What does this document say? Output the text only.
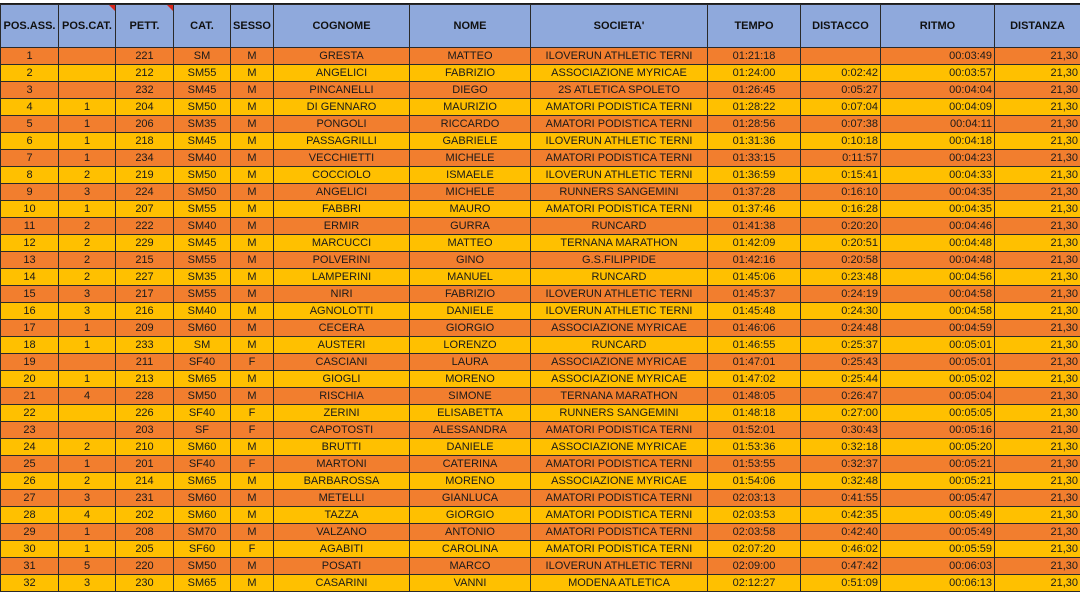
POS.ASS.	POS.CAT.	PETT.	CAT.	SESSO	COGNOME	NOME	SOCIETA'	TEMPO	DISTACCO	RITMO	DISTANZA
1		221	SM	M	GRESTA	MATTEO	ILOVERUN ATHLETIC TERNI	01:21:18		00:03:49	21,30
2		212	SM55	M	ANGELICI	FABRIZIO	ASSOCIAZIONE MYRICAE	01:24:00	0:02:42	00:03:57	21,30
3		232	SM45	M	PINCANELLI	DIEGO	2S ATLETICA SPOLETO	01:26:45	0:05:27	00:04:04	21,30
4	1	204	SM50	M	DI GENNARO	MAURIZIO	AMATORI PODISTICA TERNI	01:28:22	0:07:04	00:04:09	21,30
5	1	206	SM35	M	PONGOLI	RICCARDO	AMATORI PODISTICA TERNI	01:28:56	0:07:38	00:04:11	21,30
6	1	218	SM45	M	PASSAGRILLI	GABRIELE	ILOVERUN ATHLETIC TERNI	01:31:36	0:10:18	00:04:18	21,30
7	1	234	SM40	M	VECCHIETTI	MICHELE	AMATORI PODISTICA TERNI	01:33:15	0:11:57	00:04:23	21,30
8	2	219	SM50	M	COCCIOLO	ISMAELE	ILOVERUN ATHLETIC TERNI	01:36:59	0:15:41	00:04:33	21,30
9	3	224	SM50	M	ANGELICI	MICHELE	RUNNERS SANGEMINI	01:37:28	0:16:10	00:04:35	21,30
10	1	207	SM55	M	FABBRI	MAURO	AMATORI PODISTICA TERNI	01:37:46	0:16:28	00:04:35	21,30
11	2	222	SM40	M	ERMIR	GURRA	RUNCARD	01:41:38	0:20:20	00:04:46	21,30
12	2	229	SM45	M	MARCUCCI	MATTEO	TERNANA MARATHON	01:42:09	0:20:51	00:04:48	21,30
13	2	215	SM55	M	POLVERINI	GINO	G.S.FILIPPIDE	01:42:16	0:20:58	00:04:48	21,30
14	2	227	SM35	M	LAMPERINI	MANUEL	RUNCARD	01:45:06	0:23:48	00:04:56	21,30
15	3	217	SM55	M	NIRI	FABRIZIO	ILOVERUN ATHLETIC TERNI	01:45:37	0:24:19	00:04:58	21,30
16	3	216	SM40	M	AGNOLOTTI	DANIELE	ILOVERUN ATHLETIC TERNI	01:45:48	0:24:30	00:04:58	21,30
17	1	209	SM60	M	CECERA	GIORGIO	ASSOCIAZIONE MYRICAE	01:46:06	0:24:48	00:04:59	21,30
18	1	233	SM	M	AUSTERI	LORENZO	RUNCARD	01:46:55	0:25:37	00:05:01	21,30
19		211	SF40	F	CASCIANI	LAURA	ASSOCIAZIONE MYRICAE	01:47:01	0:25:43	00:05:01	21,30
20	1	213	SM65	M	GIOGLI	MORENO	ASSOCIAZIONE MYRICAE	01:47:02	0:25:44	00:05:02	21,30
21	4	228	SM50	M	RISCHIA	SIMONE	TERNANA MARATHON	01:48:05	0:26:47	00:05:04	21,30
22		226	SF40	F	ZERINI	ELISABETTA	RUNNERS SANGEMINI	01:48:18	0:27:00	00:05:05	21,30
23		203	SF	F	CAPOTOSTI	ALESSANDRA	AMATORI PODISTICA TERNI	01:52:01	0:30:43	00:05:16	21,30
24	2	210	SM60	M	BRUTTI	DANIELE	ASSOCIAZIONE MYRICAE	01:53:36	0:32:18	00:05:20	21,30
25	1	201	SF40	F	MARTONI	CATERINA	AMATORI PODISTICA TERNI	01:53:55	0:32:37	00:05:21	21,30
26	2	214	SM65	M	BARBAROSSA	MORENO	ASSOCIAZIONE MYRICAE	01:54:06	0:32:48	00:05:21	21,30
27	3	231	SM60	M	METELLI	GIANLUCA	AMATORI PODISTICA TERNI	02:03:13	0:41:55	00:05:47	21,30
28	4	202	SM60	M	TAZZA	GIORGIO	AMATORI PODISTICA TERNI	02:03:53	0:42:35	00:05:49	21,30
29	1	208	SM70	M	VALZANO	ANTONIO	AMATORI PODISTICA TERNI	02:03:58	0:42:40	00:05:49	21,30
30	1	205	SF60	F	AGABITI	CAROLINA	AMATORI PODISTICA TERNI	02:07:20	0:46:02	00:05:59	21,30
31	5	220	SM50	M	POSATI	MARCO	ILOVERUN ATHLETIC TERNI	02:09:00	0:47:42	00:06:03	21,30
32	3	230	SM65	M	CASARINI	VANNI	MODENA ATLETICA	02:12:27	0:51:09	00:06:13	21,30
